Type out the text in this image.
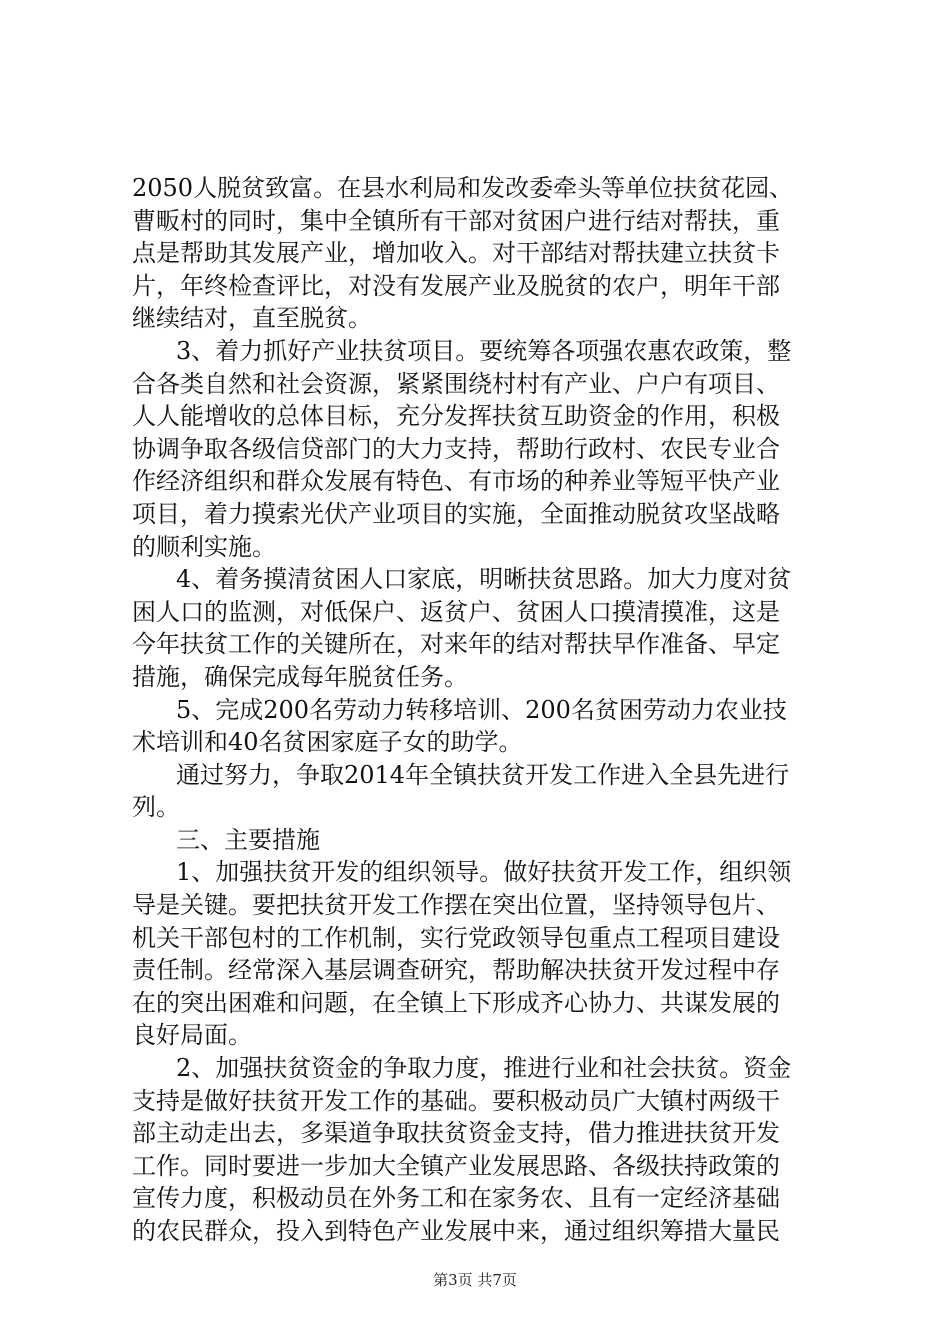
2050人脱贫致富。在县水利局和发改委牵头等单位扶贫花园、
曹畈村的同时，集中全镇所有干部对贫困户进行结对帮扶，重
点是帮助其发展产业，增加收入。对干部结对帮扶建立扶贫卡
片，年终检查评比，对没有发展产业及脱贫的农户，明年干部
继续结对，直至脱贫。
3、着力抓好产业扶贫项目。要统筹各项强农惠农政策，整
合各类自然和社会资源，紧紧围绕村村有产业、户户有项目、
人人能增收的总体目标，充分发挥扶贫互助资金的作用，积极
协调争取各级信贷部门的大力支持，帮助行政村、农民专业合
作经济组织和群众发展有特色、有市场的种养业等短平快产业
项目，着力摸索光伏产业项目的实施，全面推动脱贫攻坚战略
的顺利实施。
4、着务摸清贫困人口家底，明晰扶贫思路。加大力度对贫
困人口的监测，对低保户、返贫户、贫困人口摸清摸准，这是
今年扶贫工作的关键所在，对来年的结对帮扶早作准备、早定
措施，确保完成每年脱贫任务。
5、完成200名劳动力转移培训、200名贫困劳动力农业技
术培训和40名贫困家庭子女的助学。
通过努力，争取2014年全镇扶贫开发工作进入全县先进行
列。
三、主要措施
1、加强扶贫开发的组织领导。做好扶贫开发工作，组织领
导是关键。要把扶贫开发工作摆在突出位置，坚持领导包片、
机关干部包村的工作机制，实行党政领导包重点工程项目建设
责任制。经常深入基层调查研究，帮助解决扶贫开发过程中存
在的突出困难和问题，在全镇上下形成齐心协力、共谋发展的
良好局面。
2、加强扶贫资金的争取力度，推进行业和社会扶贫。资金
支持是做好扶贫开发工作的基础。要积极动员广大镇村两级干
部主动走出去，多渠道争取扶贫资金支持，借力推进扶贫开发
工作。同时要进一步加大全镇产业发展思路、各级扶持政策的
宣传力度，积极动员在外务工和在家务农、且有一定经济基础
的农民群众，投入到特色产业发展中来，通过组织筹措大量民
第3页 共7页
